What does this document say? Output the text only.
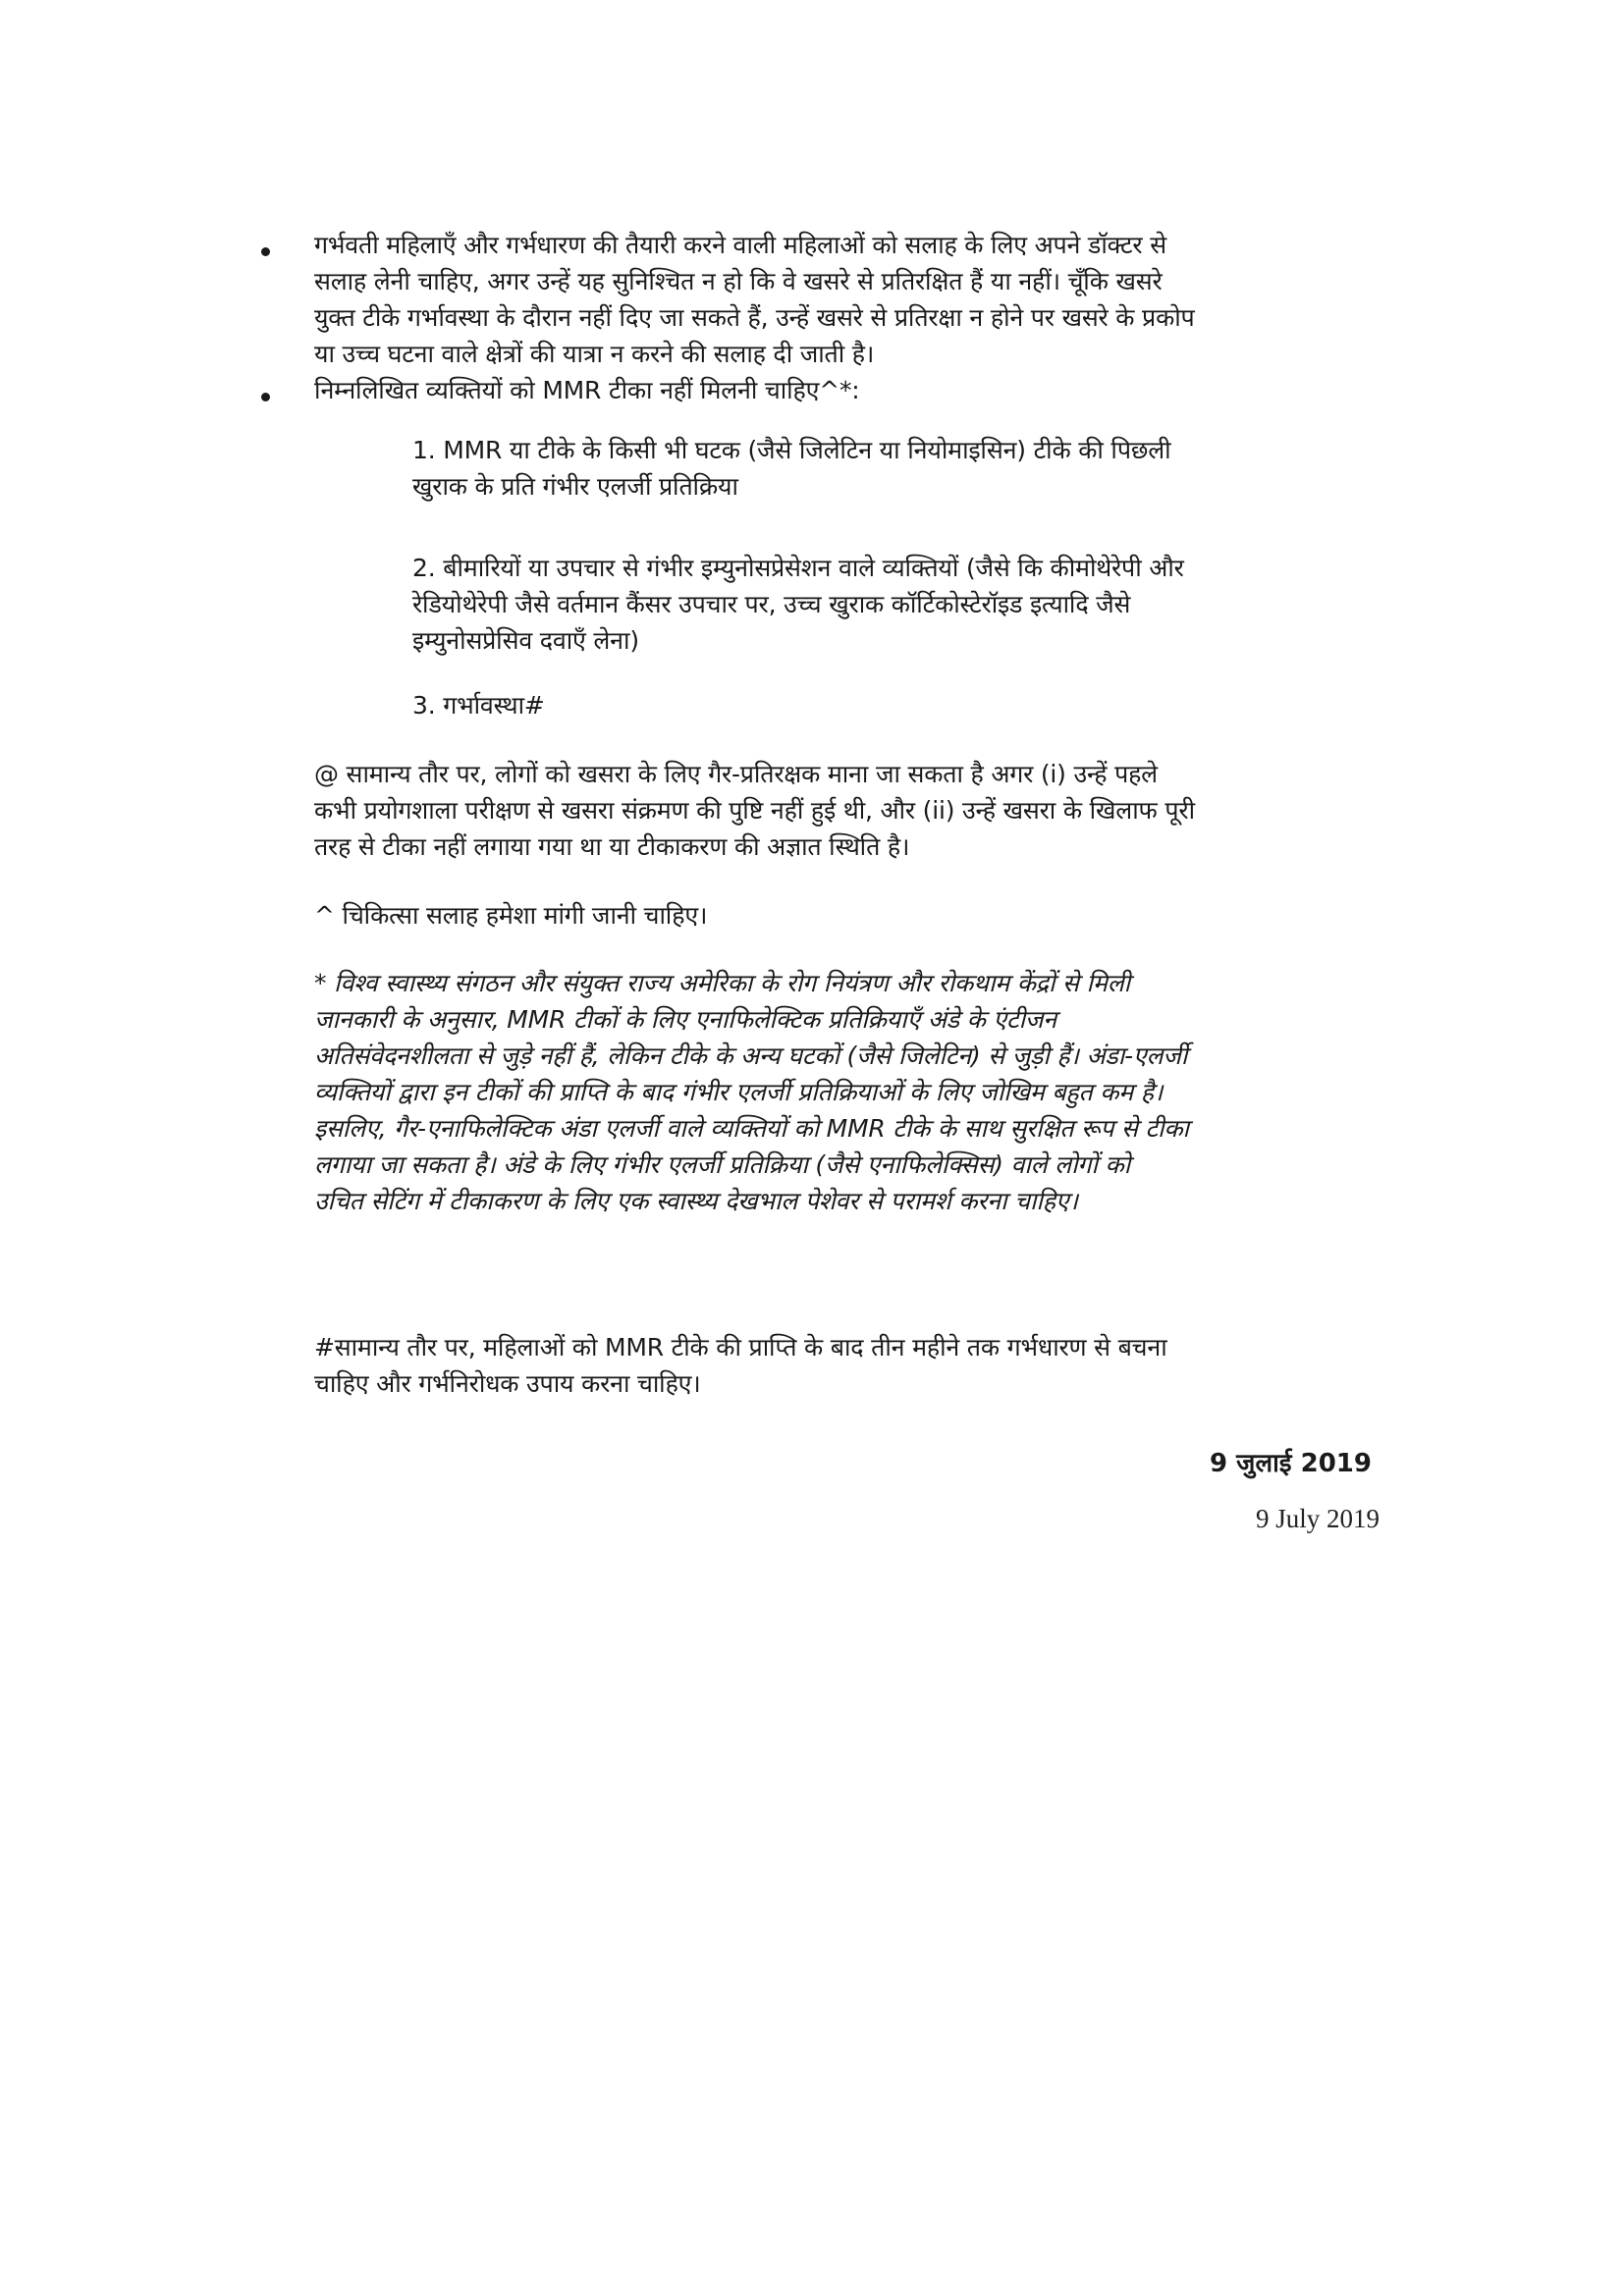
गर्भवती महिलाएँ और गर्भधारण की तैयारी करने वाली महिलाओं को सलाह के लिए अपने डॉक्टर से
सलाह लेनी चाहिए, अगर उन्हें यह सुनिश्चित न हो कि वे खसरे से प्रतिरक्षित हैं या नहीं। चूँकि खसरे
युक्त टीके गर्भावस्था के दौरान नहीं दिए जा सकते हैं, उन्हें खसरे से प्रतिरक्षा न होने पर खसरे के प्रकोप
या उच्च घटना वाले क्षेत्रों की यात्रा न करने की सलाह दी जाती है।
निम्नलिखित व्यक्तियों को MMR टीका नहीं मिलनी चाहिए^*:
1. MMR या टीके के किसी भी घटक (जैसे जिलेटिन या नियोमाइसिन) टीके की पिछली
खुराक के प्रति गंभीर एलर्जी प्रतिक्रिया
2. बीमारियों या उपचार से गंभीर इम्युनोसप्रेसेशन वाले व्यक्तियों (जैसे कि कीमोथेरेपी और
रेडियोथेरेपी जैसे वर्तमान कैंसर उपचार पर, उच्च खुराक कॉर्टिकोस्टेरॉइड इत्यादि जैसे
इम्युनोसप्रेसिव दवाएँ लेना)
3. गर्भावस्था#
@ सामान्य तौर पर, लोगों को खसरा के लिए गैर-प्रतिरक्षक माना जा सकता है अगर (i) उन्हें पहले
कभी प्रयोगशाला परीक्षण से खसरा संक्रमण की पुष्टि नहीं हुई थी, और (ii) उन्हें खसरा के खिलाफ पूरी
तरह से टीका नहीं लगाया गया था या टीकाकरण की अज्ञात स्थिति है।
^ चिकित्सा सलाह हमेशा मांगी जानी चाहिए।
* विश्व स्वास्थ्य संगठन और संयुक्त राज्य अमेरिका के रोग नियंत्रण और रोकथाम केंद्रों से मिली
जानकारी के अनुसार, MMR टीकों के लिए एनाफिलेक्टिक प्रतिक्रियाएँ अंडे के एंटीजन
अतिसंवेदनशीलता से जुड़े नहीं हैं, लेकिन टीके के अन्य घटकों (जैसे जिलेटिन) से जुड़ी हैं। अंडा-एलर्जी
व्यक्तियों द्वारा इन टीकों की प्राप्ति के बाद गंभीर एलर्जी प्रतिक्रियाओं के लिए जोखिम बहुत कम है।
इसलिए, गैर-एनाफिलेक्टिक अंडा एलर्जी वाले व्यक्तियों को MMR टीके के साथ सुरक्षित रूप से टीका
लगाया जा सकता है। अंडे के लिए गंभीर एलर्जी प्रतिक्रिया (जैसे एनाफिलेक्सिस) वाले लोगों को
उचित सेटिंग में टीकाकरण के लिए एक स्वास्थ्य देखभाल पेशेवर से परामर्श करना चाहिए।
#सामान्य तौर पर, महिलाओं को MMR टीके की प्राप्ति के बाद तीन महीने तक गर्भधारण से बचना
चाहिए और गर्भनिरोधक उपाय करना चाहिए।
9 जुलाई 2019
9 July 2019
